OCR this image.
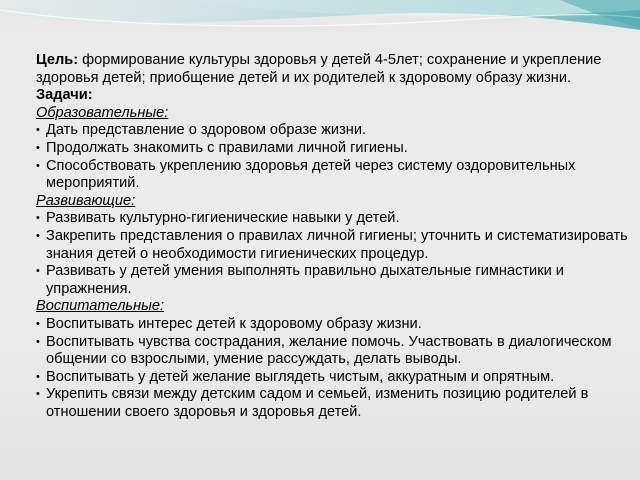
Цель: формирование культуры здоровья у детей 4-5лет; сохранение и укрепление здоровья детей; приобщение детей и их родителей к здоровому образу жизни.

Задачи:

Образовательные:

• Дать представление о здоровом образе жизни.
• Продолжать знакомить с правилами личной гигиены.
• Способствовать укреплению здоровья детей через систему оздоровительных мероприятий.

Развивающие:

• Развивать культурно-гигиенические навыки у детей.
• Закрепить представления о правилах личной гигиены; уточнить и систематизировать знания детей о необходимости гигиенических процедур.
• Развивать у детей умения выполнять правильно дыхательные гимнастики и упражнения.

Воспитательные:

• Воспитывать интерес детей к здоровому образу жизни.
• Воспитывать чувства сострадания, желание помочь. Участвовать в диалогическом общении со взрослыми, умение рассуждать, делать выводы.
• Воспитывать у детей желание выглядеть чистым, аккуратным и опрятным.
• Укрепить связи между детским садом и семьей, изменить позицию родителей в отношении своего здоровья и здоровья детей.
